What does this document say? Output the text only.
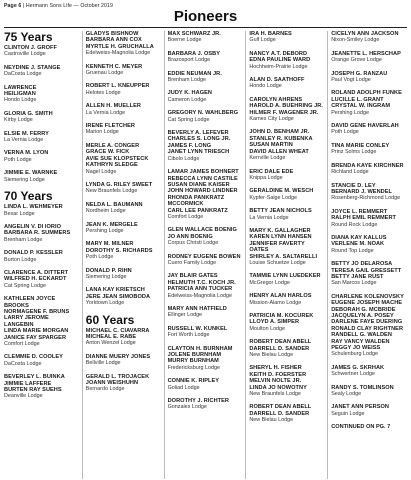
Page 6 | Hermann Sons Life — October 2019
Pioneers
75 Years
CLINTON J. GROFF
Castroville Lodge
NEYDINE J. STANGE
DaCosta Lodge
LAWRENCE
HEILIGMAN
Hondo Lodge
GLORIA G. SMITH
Kirby Lodge
ELSIE M. FERRY
La Vernia Lodge
VERNA M. LYON
Poth Lodge
JIMMIE E. WARNKE
Siemering Lodge
70 Years
LINDA L. WEHMEYER
Bexar Lodge
ANGELIN V. DI IORIO
BARBARA R. SUMMERS
Brenham Lodge
DONALD P. KESSLER
Burton Lodge
CLARENCE A. DITTERT
WILFRED H. ECKARDT
Cat Spring Lodge
KATHLEEN JOYCE
BROOKS
NORMAGENE F. BRUNS
LARRY JEROME
LANGEBIN
LINDA MARIE MORGAN
JANICE FAY SPARGER
Comfort Lodge
CLEMMIE D. COOLEY
DaCosta Lodge
BEVERLEY L. BUINKA
JIMMIE LAFFERE
BURTEN RAY SUEHS
Deanville Lodge
GLADYS BISHNOW
BARBARA ANN COX
MYRTLE H. GRUCHALLA
Edelweiss-Magnolia Lodge
KENNETH C. MEYER
Gruenau Lodge
ROBERT L. KNEUPPER
Helotes Lodge
ALLEN H. MUELLER
La Vernia Lodge
IRENE FLETCHER
Marion Lodge
MERLE A. CONGER
GRACE W. FICK
AVIE SUE KLOPSTECK
KATHRYN SLEDGE
Nagel Lodge
LYNDA G. RILEY SWEET
New Braunfels Lodge
NELDA L. BAUMANN
Nordheim Lodge
JEAN K. MERGELE
Pershing Lodge
MARY M. MILNER
DOROTHY S. RICHARDS
Poth Lodge
DONALD P. RIHN
Siemering Lodge
LANA KAY KRIETSCH
JERE JEAN SIMOBODA
Yorktown Lodge
60 Years
MICHAEL C. CIAVARRA
MICHEAL E. RABE
Anton Wenzel Lodge
DIANNE MUERY JONES
Bellville Lodge
GERALD L. TROJACEK
JOANN WEISHUHN
Bernardo Lodge
MAX SCHWARZ JR.
Boerne Lodge
BARBARA J. OSBY
Brazosport Lodge
EDDIE NEUMAN JR.
Brenham Lodge
JUDY K. HAGEN
Cameron Lodge
GREGORY N. WAHLBERG
Cat Spring Lodge
BEVERLY A. LEFEVER
CHARLES S. LONG JR.
JAMES F. LONG
JANET LYNN TRIESCH
Cibolo Lodge
LAMAR JAMES BOHNERT
REBECCA LYNN CASTILE
SUSAN DIANE KAISER
JOHN HOWARD LINDNER
RHONDA PANKRATZ
MCCORMICK
CARL LEE PANKRATZ
Comfort Lodge
GLEN WALLACE BOENIG
JO ANN BOENIG
Corpus Christi Lodge
RODNEY EUGENE BOWEN
Cuero Family Lodge
JAY BLAIR GATES
HELMUTH T.C. KOCH JR.
PATRICIA ANN TUCKER
Edelweiss-Magnolia Lodge
MARY ANN HATFIELD
Ellinger Lodge
RUSSELL W. KUNKEL
Fort Worth Lodge
CLAYTON H. BURNHAM
JOLENE BURNHAM
MURRY BURNHAM
Fredericksburg Lodge
CONNIE K. RIPLEY
Goliad Lodge
DOROTHY J. RICHTER
Gonzales Lodge
IRA H. BARNES
Gulf Lodge
NANCY A.T. DEBORD
EDNA PAULINE WARD
Hochheim-Prairie Lodge
ALAN D. SAATHOFF
Hondo Lodge
CAROLYN AHRENS
HAROLD A. BUEHRING JR.
HILMER F. WAGENER JR.
Karnes City Lodge
JOHN D. BENHAM JR.
STANLEY R. KUBENKA
SUSAN MARTIN
DAVID ALLEN WHEAT
Kerrville Lodge
ERIC DALE EDE
Knippa Lodge
GERALDINE M. WESCH
Kypfer-Salge Lodge
BETTY JEAN NICHOLS
La Vernia Lodge
MARY K. GALLAGHER
KAREN LYNN HANSEN
JENNIFER FAVERTY OATES
SHIRLEY A. SALTARELLI
Louise Schuetze Lodge
TAMMIE LYNN LUEDEKER
McGregor Lodge
HENRY ALAN HARLOS
Mission-Alamo Lodge
PATRICIA M. KOCUREK
LLOYD A. SIMPER
Moulton Lodge
ROBERT DEAN ABELL
DARRELL D. SANDER
New Bielau Lodge
SHERYL H. FISHER
KEITH D. FOERSTER
MELVIN NOLTE JR.
LINDA JO NOWOTNY
New Braunfels Lodge
ROBERT DEAN ABELL
DARRELL D. SANDER
New Bielau Lodge
CICELYN ANN JACKSON
Nixon-Smiley Lodge
JEANETTE L. HERSCHAP
Orange Grove Lodge
JOSEPH G. RANZAU
Paul Vogt Lodge
ROLAND ADOLPH FUNKE
LUCILLE L. GRANT
CRYSTAL W. INGRAM
Pershing Lodge
DAVID GENE HAVERLAH
Poth Lodge
TINA MARIE CONLEY
Prinz Solms Lodge
BRENDA KAYE KIRCHNER
Richland Lodge
STANCIE D. LEY
BERNARD J. WENDEL
Rosenberg-Richmond Lodge
JOYCE L. REMMERT
RALPH EMIL REMMERT
Round Rock Lodge
DIANA KAY KALLUS
VERLENE M. NOAK
Round Top Lodge
BETTY JO DELAROSA
TERESA GAIL GRESSETT
BETTY JANE RUST
San Marcos Lodge
CHARLENE KOLENOVSKY
EUGENE JOSEPH MACHE
DEBORAH G. MCBRIDE
JACQUELYN A. POSEY
DARLENE FAYE DUERING
RONALD CLAY RIGHTNER
RANDELL G. WALDEN
RAY VANCY WALDEN
PEGGY JO WEISS
Schulenburg Lodge
JAMES G. SKRHAK
Schwertner Lodge
RANDY S. TOMLINSON
Sealy Lodge
JANET ANN PERSON
Seguin Lodge
CONTINUED ON PG. 7
